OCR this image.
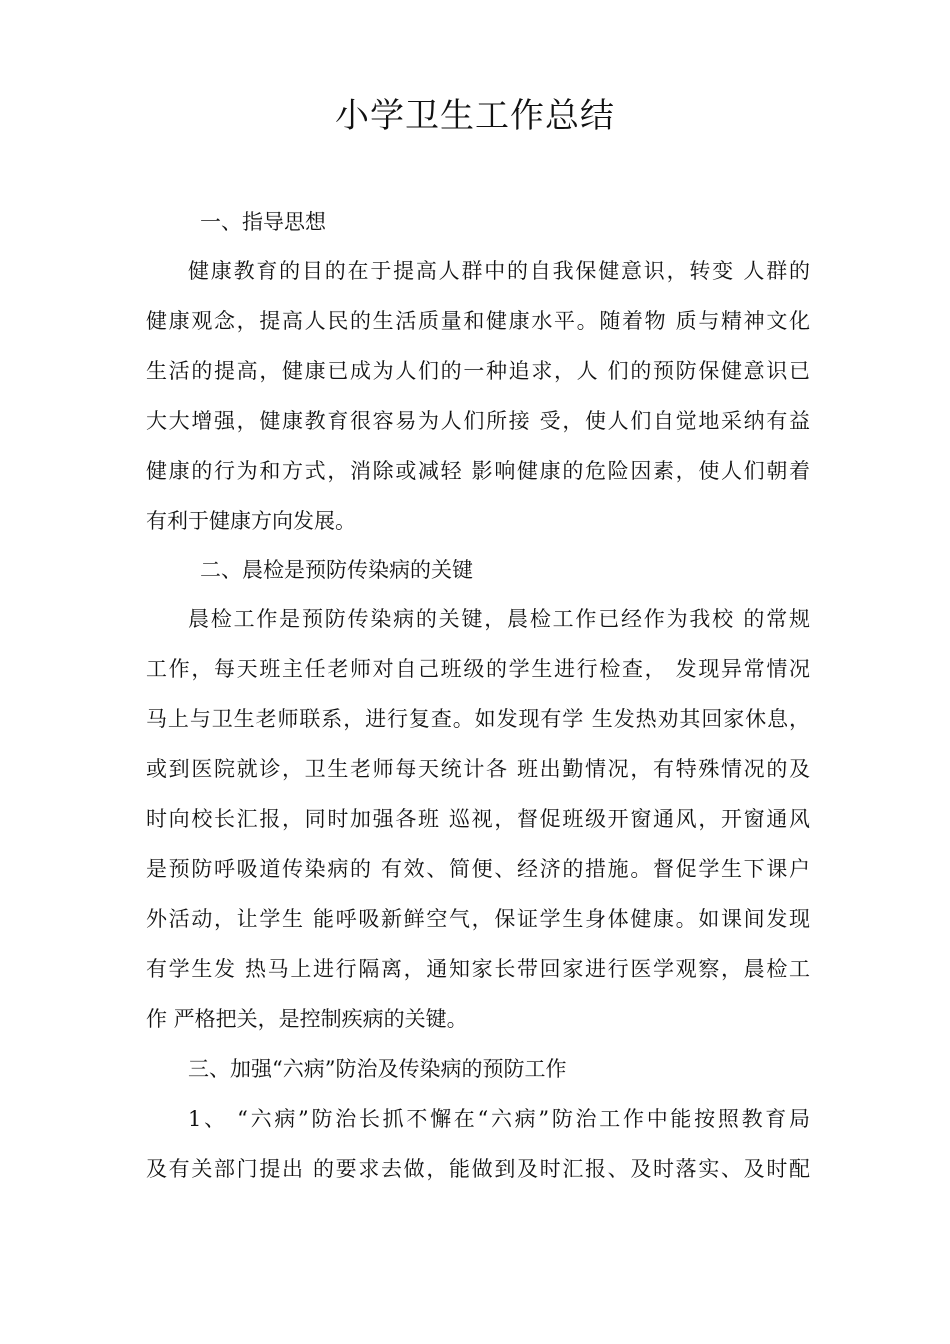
小学卫生工作总结
一、指导思想
健康教育的目的在于提高人群中的自我保健意识，转变 人群的
健康观念，提高人民的生活质量和健康水平。随着物 质与精神文化
生活的提高，健康已成为人们的一种追求，人 们的预防保健意识已
大大增强，健康教育很容易为人们所接 受，使人们自觉地采纳有益
健康的行为和方式，消除或减轻 影响健康的危险因素，使人们朝着
有利于健康方向发展。
二、晨检是预防传染病的关键
晨检工作是预防传染病的关键，晨检工作已经作为我校 的常规
工作，每天班主任老师对自己班级的学生进行检查， 发现异常情况
马上与卫生老师联系，进行复查。如发现有学 生发热劝其回家休息，
或到医院就诊，卫生老师每天统计各 班出勤情况，有特殊情况的及
时向校长汇报，同时加强各班 巡视，督促班级开窗通风，开窗通风
是预防呼吸道传染病的 有效、简便、经济的措施。督促学生下课户
外活动，让学生 能呼吸新鲜空气，保证学生身体健康。如课间发现
有学生发 热马上进行隔离，通知家长带回家进行医学观察，晨检工
作 严格把关，是控制疾病的关键。
三、加强“六病”防治及传染病的预防工作
1、 “六病”防治长抓不懈在“六病”防治工作中能按照教育局
及有关部门提出 的要求去做，能做到及时汇报、及时落实、及时配
